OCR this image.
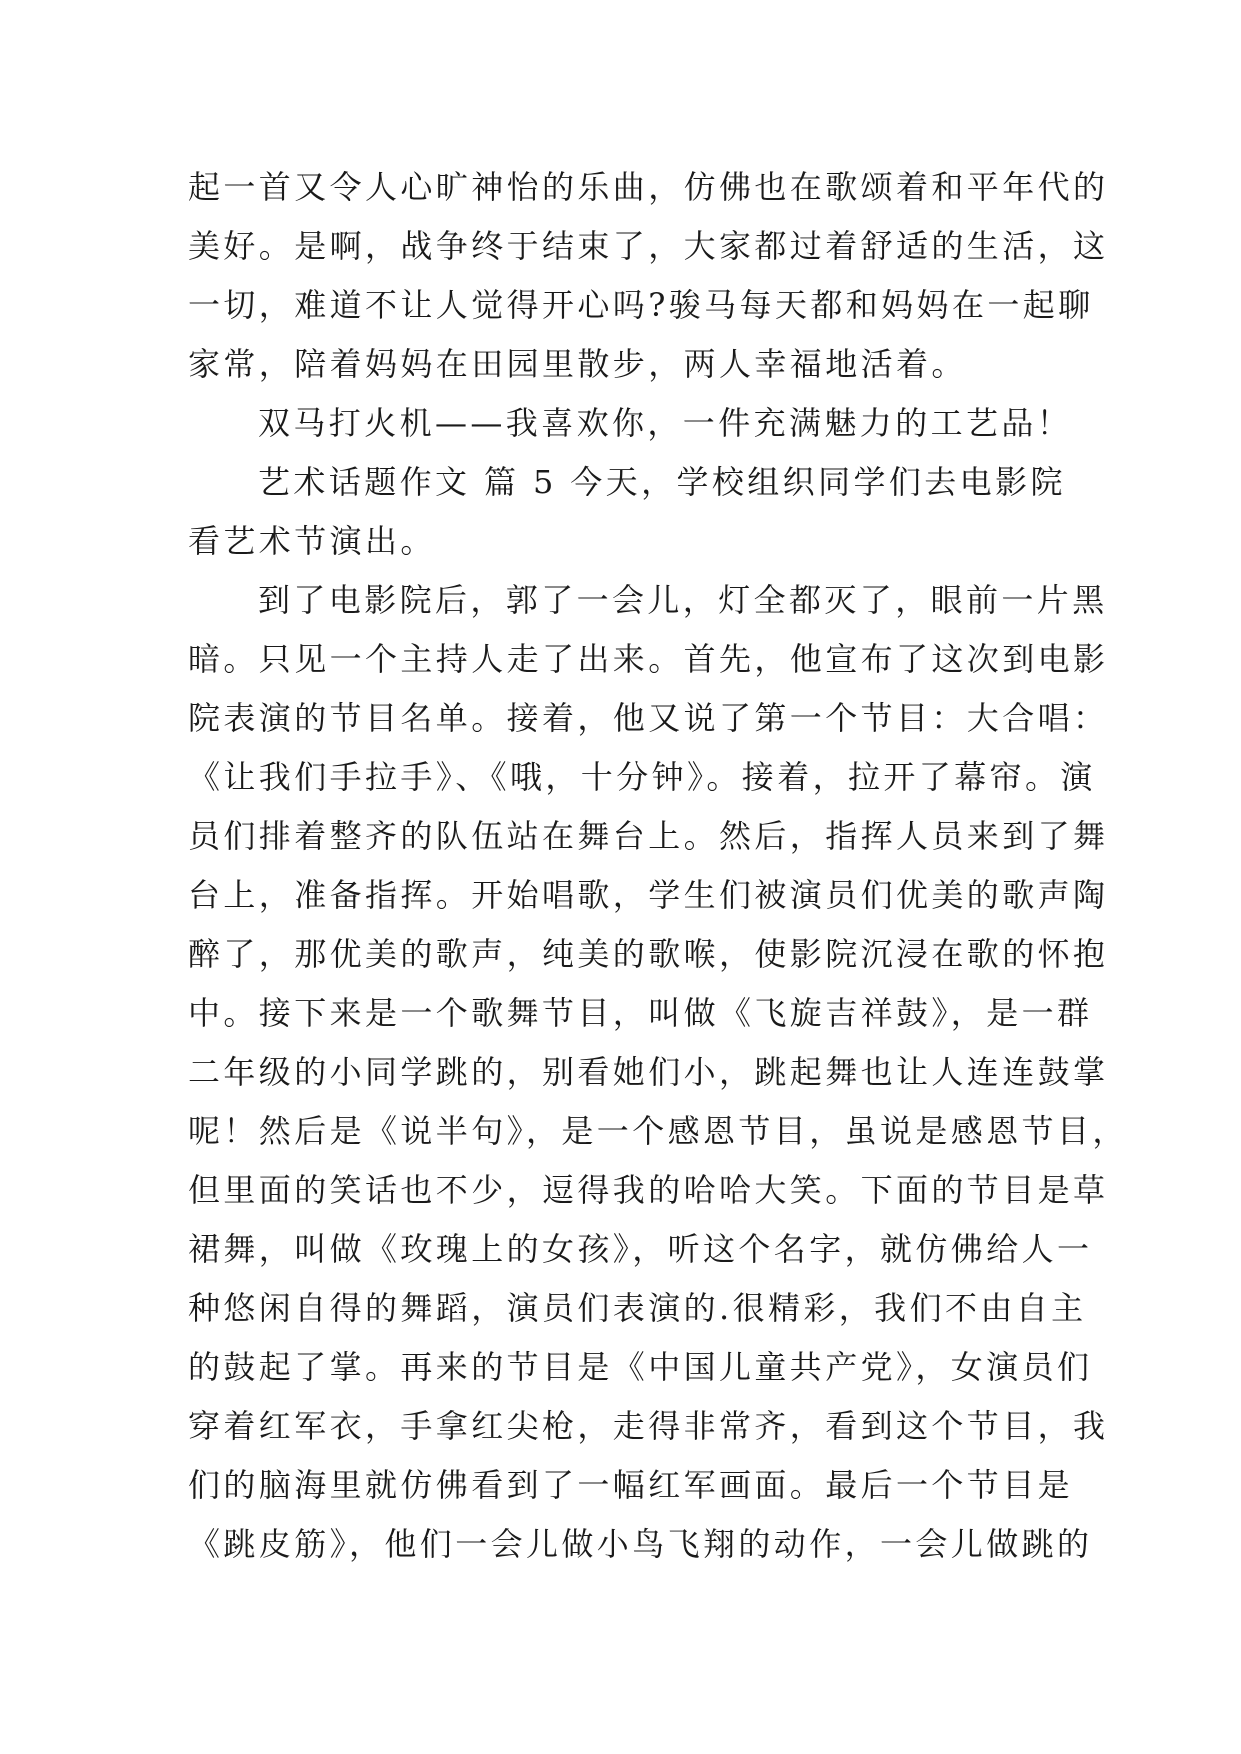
起一首又令人心旷神怡的乐曲，仿佛也在歌颂着和平年代的
美好。是啊，战争终于结束了，大家都过着舒适的生活，这
一切，难道不让人觉得开心吗?骏马每天都和妈妈在一起聊
家常，陪着妈妈在田园里散步，两人幸福地活着。
双马打火机——我喜欢你，一件充满魅力的工艺品！
艺术话题作文 篇 5 今天，学校组织同学们去电影院
看艺术节演出。
到了电影院后，郭了一会儿，灯全都灭了，眼前一片黑
暗。只见一个主持人走了出来。首先，他宣布了这次到电影
院表演的节目名单。接着，他又说了第一个节目：大合唱：
《让我们手拉手》、《哦，十分钟》。接着，拉开了幕帘。演
员们排着整齐的队伍站在舞台上。然后，指挥人员来到了舞
台上，准备指挥。开始唱歌，学生们被演员们优美的歌声陶
醉了，那优美的歌声，纯美的歌喉，使影院沉浸在歌的怀抱
中。接下来是一个歌舞节目，叫做《飞旋吉祥鼓》，是一群
二年级的小同学跳的，别看她们小，跳起舞也让人连连鼓掌
呢！然后是《说半句》，是一个感恩节目，虽说是感恩节目，
但里面的笑话也不少，逗得我的哈哈大笑。下面的节目是草
裙舞，叫做《玫瑰上的女孩》，听这个名字，就仿佛给人一
种悠闲自得的舞蹈，演员们表演的.很精彩，我们不由自主
的鼓起了掌。再来的节目是《中国儿童共产党》，女演员们
穿着红军衣，手拿红尖枪，走得非常齐，看到这个节目，我
们的脑海里就仿佛看到了一幅红军画面。最后一个节目是
《跳皮筋》，他们一会儿做小鸟飞翔的动作，一会儿做跳的
